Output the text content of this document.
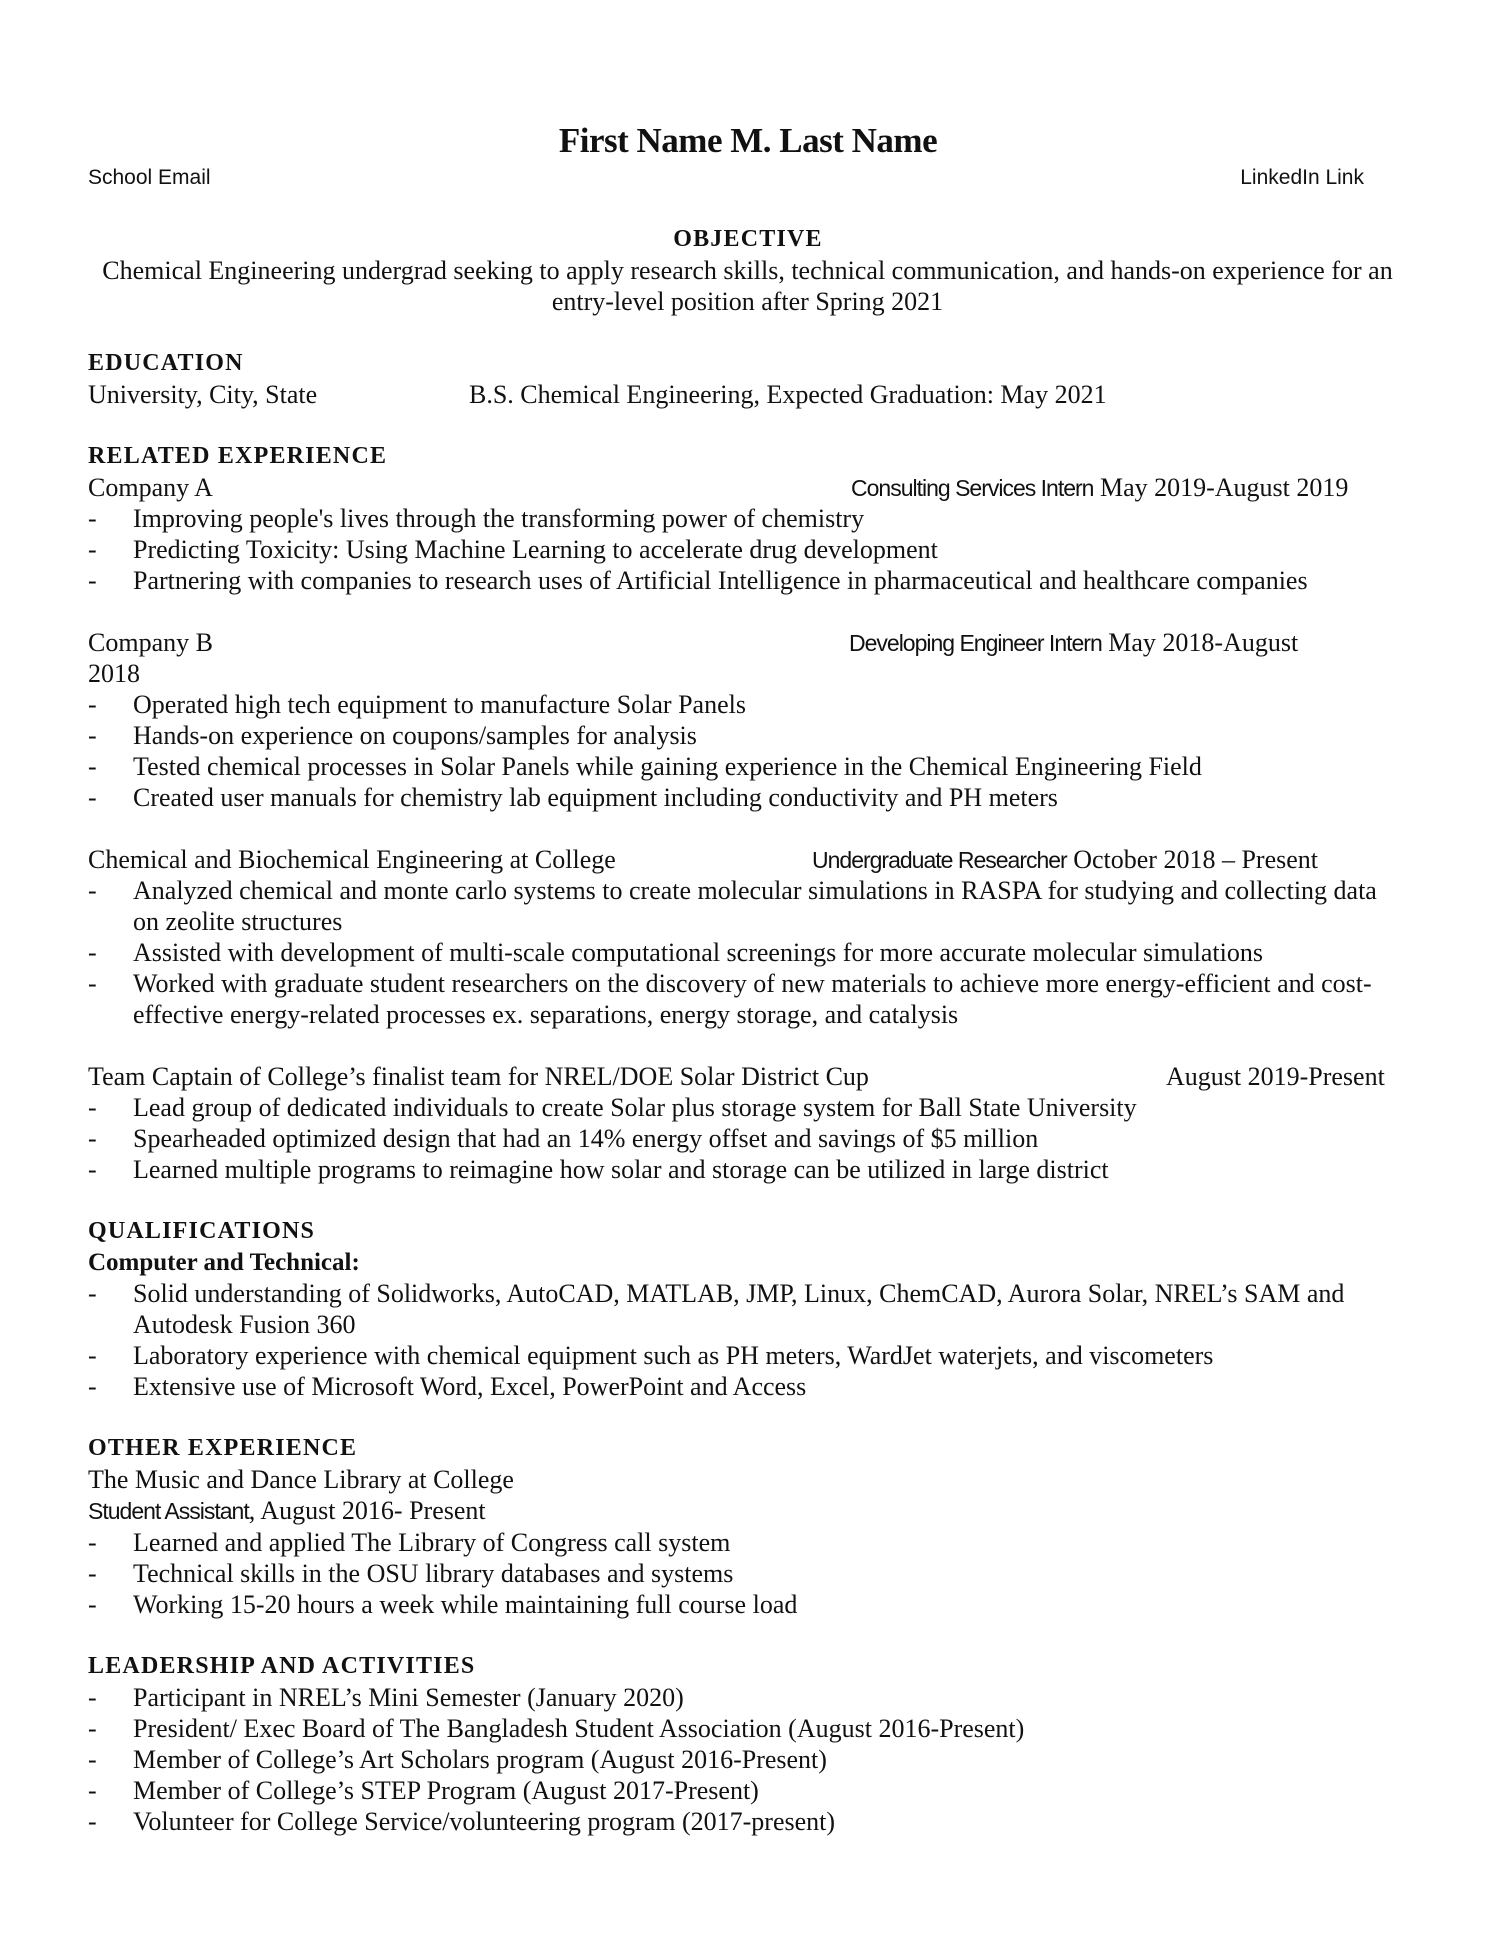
First Name M. Last Name
School Email	LinkedIn Link
OBJECTIVE
Chemical Engineering undergrad seeking to apply research skills, technical communication, and hands-on experience for an entry-level position after Spring 2021
EDUCATION
University, City, State	B.S. Chemical Engineering, Expected Graduation: May 2021
RELATED EXPERIENCE
Company A	Consulting Services Intern May 2019-August 2019
- Improving people's lives through the transforming power of chemistry
- Predicting Toxicity: Using Machine Learning to accelerate drug development
- Partnering with companies to research uses of Artificial Intelligence in pharmaceutical and healthcare companies
Company B	Developing Engineer Intern May 2018-August
2018
- Operated high tech equipment to manufacture Solar Panels
- Hands-on experience on coupons/samples for analysis
- Tested chemical processes in Solar Panels while gaining experience in the Chemical Engineering Field
- Created user manuals for chemistry lab equipment including conductivity and PH meters
Chemical and Biochemical Engineering at College	Undergraduate Researcher October 2018 – Present
- Analyzed chemical and monte carlo systems to create molecular simulations in RASPA for studying and collecting data on zeolite structures
- Assisted with development of multi-scale computational screenings for more accurate molecular simulations
- Worked with graduate student researchers on the discovery of new materials to achieve more energy-efficient and cost-effective energy-related processes ex. separations, energy storage, and catalysis
Team Captain of College’s finalist team for NREL/DOE Solar District Cup	August 2019-Present
- Lead group of dedicated individuals to create Solar plus storage system for Ball State University
- Spearheaded optimized design that had an 14% energy offset and savings of $5 million
- Learned multiple programs to reimagine how solar and storage can be utilized in large district
QUALIFICATIONS
Computer and Technical:
- Solid understanding of Solidworks, AutoCAD, MATLAB, JMP, Linux, ChemCAD, Aurora Solar, NREL’s SAM and Autodesk Fusion 360
- Laboratory experience with chemical equipment such as PH meters, WardJet waterjets, and viscometers
- Extensive use of Microsoft Word, Excel, PowerPoint and Access
OTHER EXPERIENCE
The Music and Dance Library at College
Student Assistant, August 2016- Present
- Learned and applied The Library of Congress call system
- Technical skills in the OSU library databases and systems
- Working 15-20 hours a week while maintaining full course load
LEADERSHIP AND ACTIVITIES
- Participant in NREL’s Mini Semester (January 2020)
- President/ Exec Board of The Bangladesh Student Association (August 2016-Present)
- Member of College’s Art Scholars program (August 2016-Present)
- Member of College’s STEP Program (August 2017-Present)
- Volunteer for College Service/volunteering program (2017-present)
